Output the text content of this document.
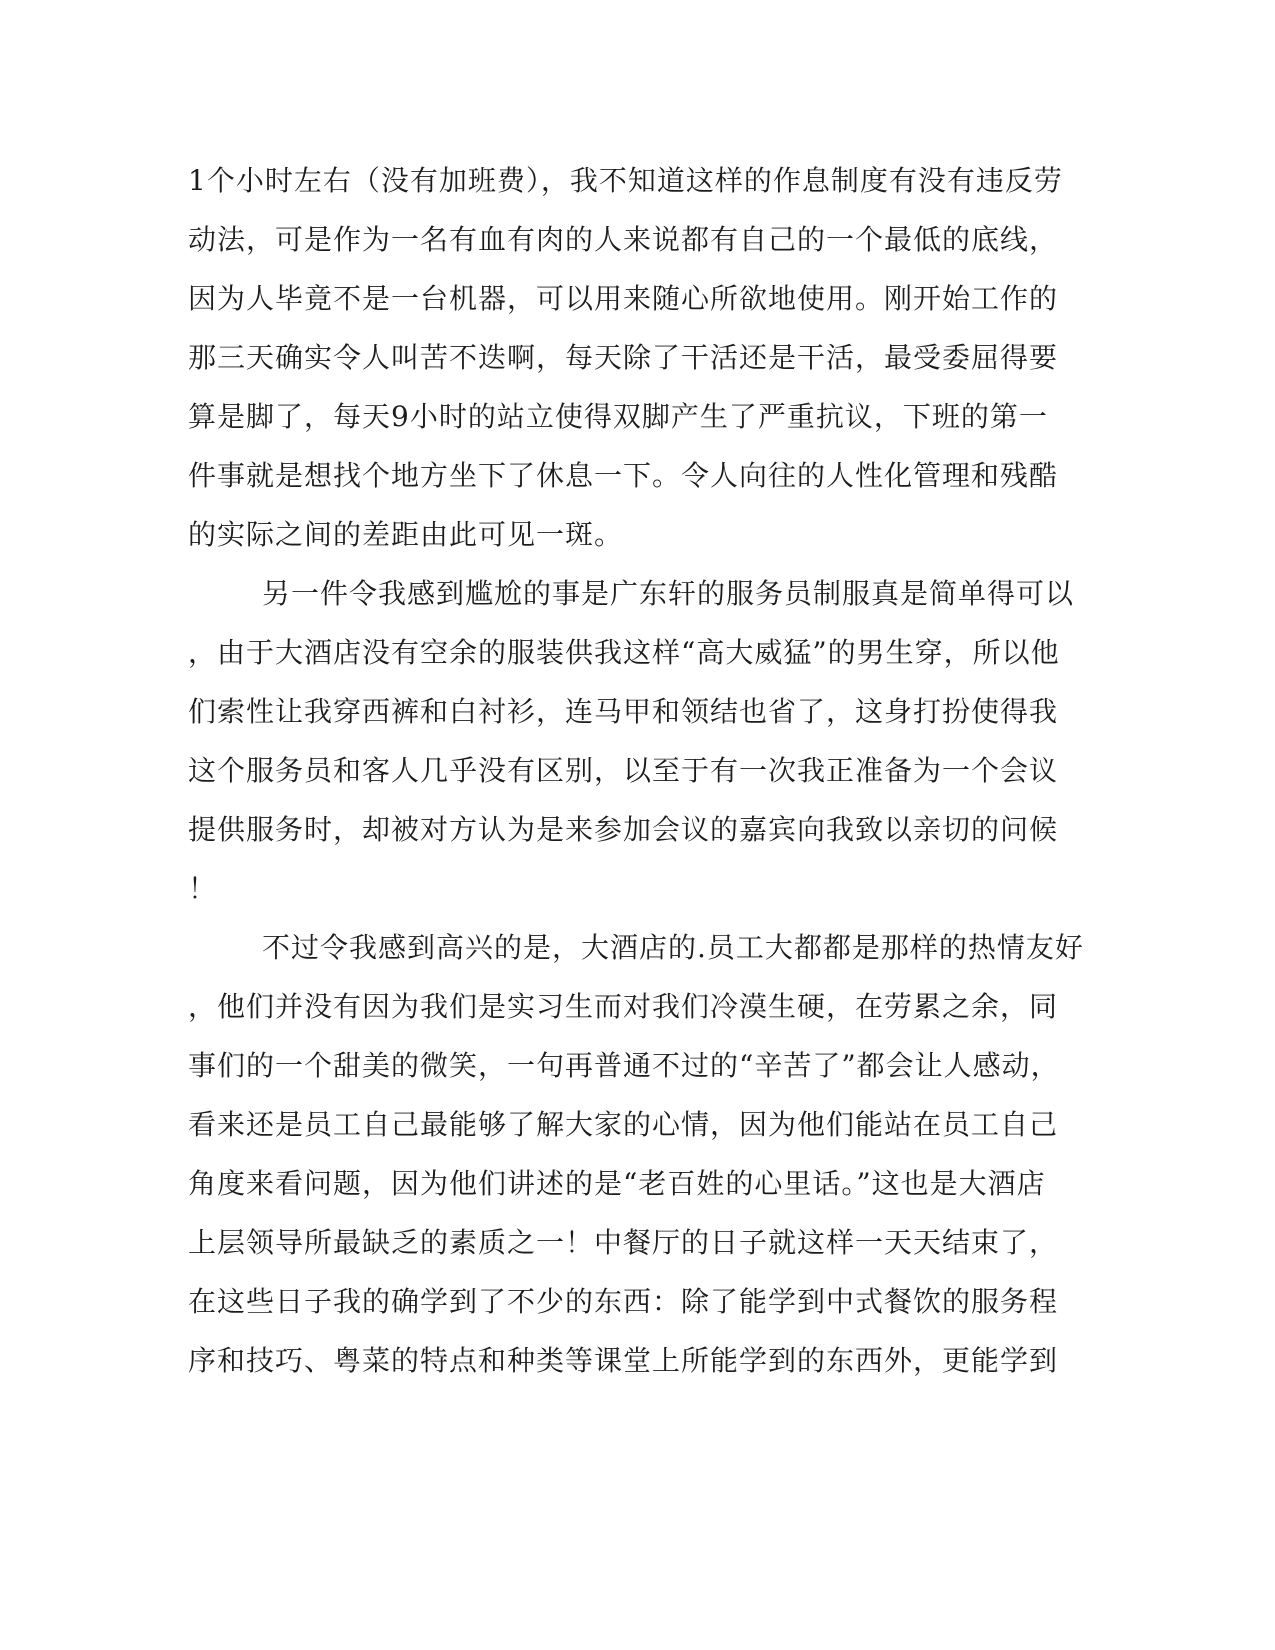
1个小时左右（没有加班费），我不知道这样的作息制度有没有违反劳
动法，可是作为一名有血有肉的人来说都有自己的一个最低的底线，
因为人毕竟不是一台机器，可以用来随心所欲地使用。刚开始工作的
那三天确实令人叫苦不迭啊，每天除了干活还是干活，最受委屈得要
算是脚了，每天9小时的站立使得双脚产生了严重抗议，下班的第一
件事就是想找个地方坐下了休息一下。令人向往的人性化管理和残酷
的实际之间的差距由此可见一斑。
另一件令我感到尴尬的事是广东轩的服务员制服真是简单得可以
，由于大酒店没有空余的服装供我这样“高大威猛”的男生穿，所以他
们索性让我穿西裤和白衬衫，连马甲和领结也省了，这身打扮使得我
这个服务员和客人几乎没有区别，以至于有一次我正准备为一个会议
提供服务时，却被对方认为是来参加会议的嘉宾向我致以亲切的问候
！
不过令我感到高兴的是，大酒店的.员工大都都是那样的热情友好
，他们并没有因为我们是实习生而对我们冷漠生硬，在劳累之余，同
事们的一个甜美的微笑，一句再普通不过的“辛苦了”都会让人感动，
看来还是员工自己最能够了解大家的心情，因为他们能站在员工自己
角度来看问题，因为他们讲述的是“老百姓的心里话。”这也是大酒店
上层领导所最缺乏的素质之一！中餐厅的日子就这样一天天结束了，
在这些日子我的确学到了不少的东西：除了能学到中式餐饮的服务程
序和技巧、粤菜的特点和种类等课堂上所能学到的东西外，更能学到
